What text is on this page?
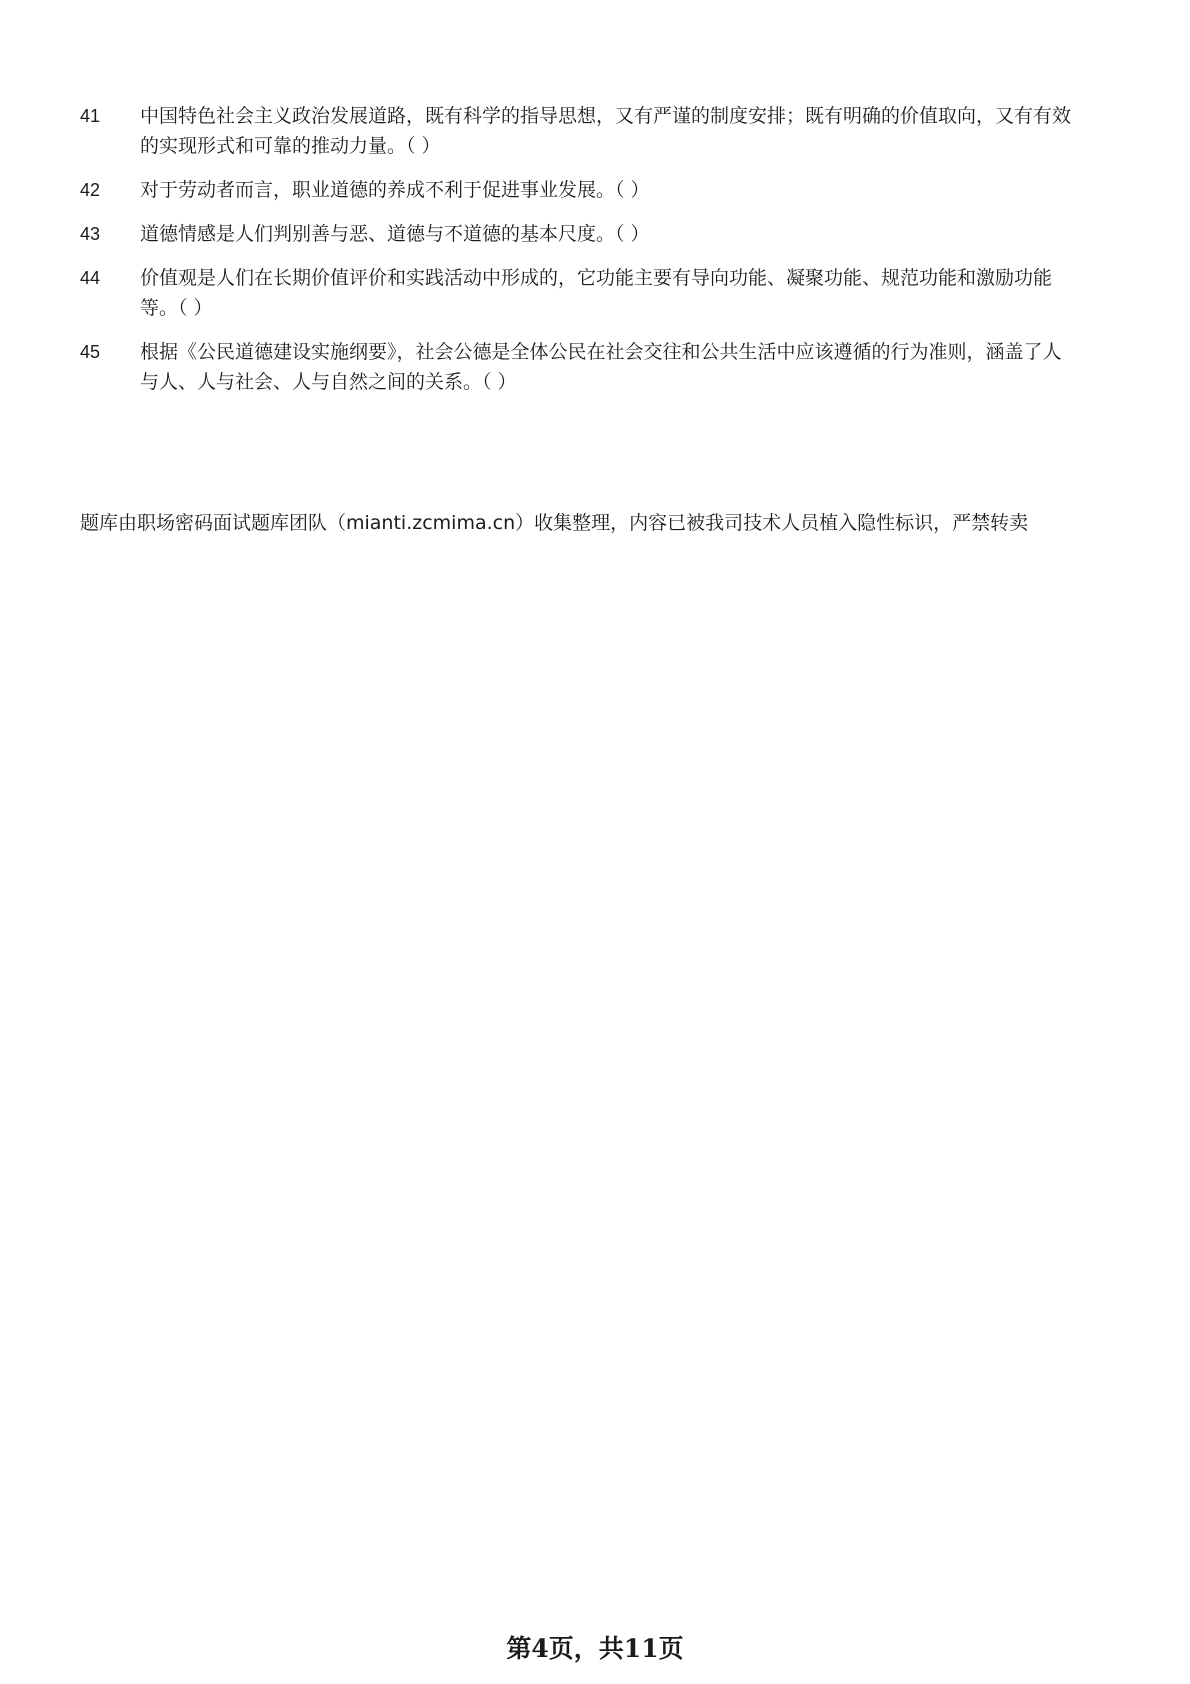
41	中国特色社会主义政治发展道路，既有科学的指导思想，又有严谨的制度安排；既有明确的价值取向，又有有效的实现形式和可靠的推动力量。（ ）
42	对于劳动者而言，职业道德的养成不利于促进事业发展。（ ）
43	道德情感是人们判别善与恶、道德与不道德的基本尺度。（ ）
44	价值观是人们在长期价值评价和实践活动中形成的，它功能主要有导向功能、凝聚功能、规范功能和激励功能等。（ ）
45	根据《公民道德建设实施纲要》，社会公德是全体公民在社会交往和公共生活中应该遵循的行为准则，涵盖了人与人、人与社会、人与自然之间的关系。（ ）
题库由职场密码面试题库团队（mianti.zcmima.cn）收集整理，内容已被我司技术人员植入隐性标识，严禁转卖
第4页，共11页
